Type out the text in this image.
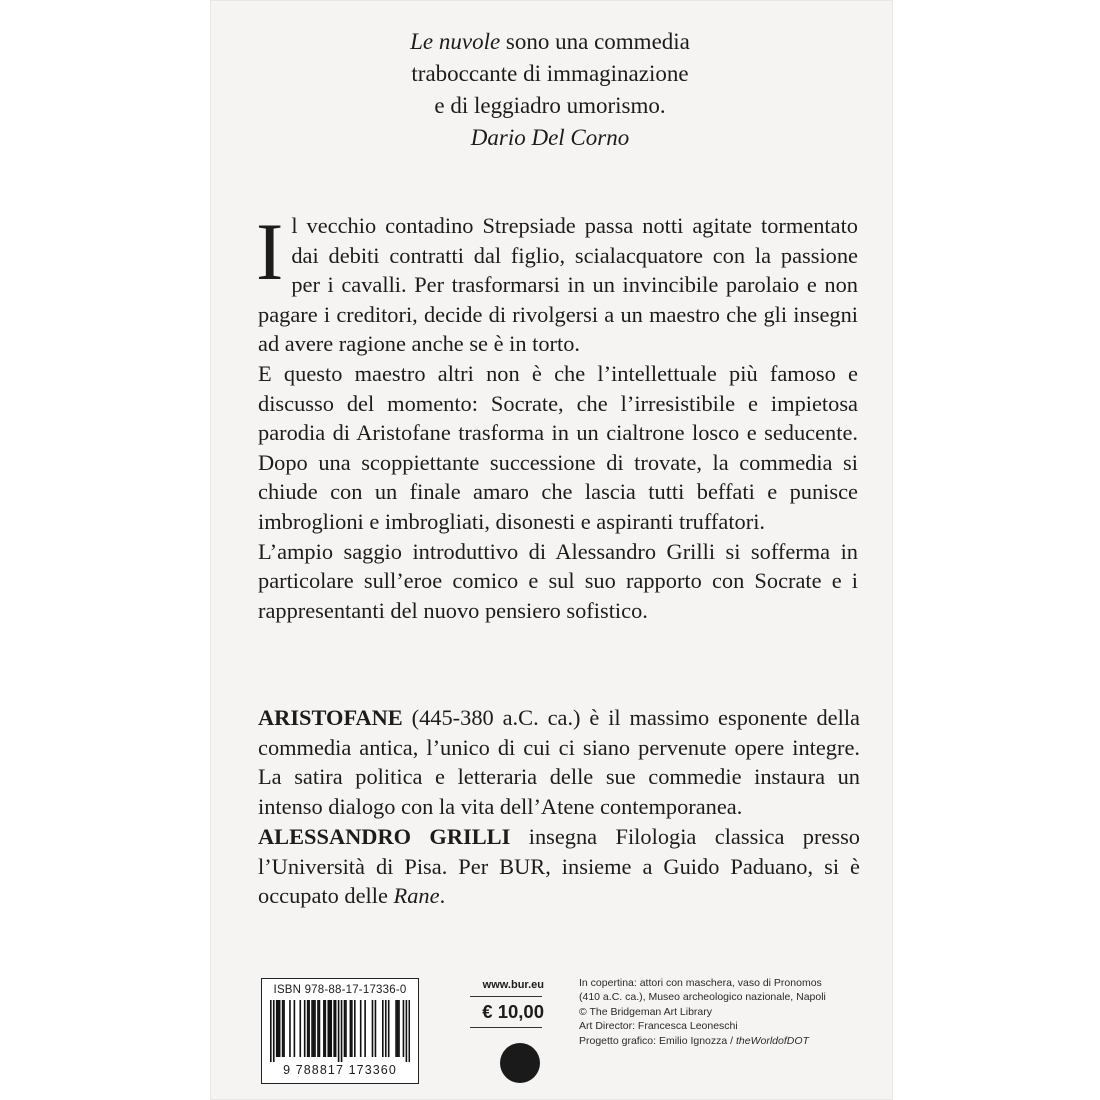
Le nuvole sono una commedia
traboccante di immaginazione
e di leggiadro umorismo.
Dario Del Corno

Il vecchio contadino Strepsiade passa notti agitate tormentato dai debiti contratti dal figlio, scialacquatore con la passione per i cavalli. Per trasformarsi in un invincibile parolaio e non pagare i creditori, decide di rivolgersi a un maestro che gli insegni ad avere ragione anche se è in torto.

E questo maestro altri non è che l’intellettuale più famoso e discusso del momento: Socrate, che l’irresistibile e impietosa parodia di Aristofane trasforma in un cialtrone losco e seducente. Dopo una scoppiettante successione di trovate, la commedia si chiude con un finale amaro che lascia tutti beffati e punisce imbroglioni e imbrogliati, disonesti e aspiranti truffatori.

L’ampio saggio introduttivo di Alessandro Grilli si sofferma in particolare sull’eroe comico e sul suo rapporto con Socrate e i rappresentanti del nuovo pensiero sofistico.

ARISTOFANE (445-380 a.C. ca.) è il massimo esponente della commedia antica, l’unico di cui ci siano pervenute opere integre. La satira politica e letteraria delle sue commedie instaura un intenso dialogo con la vita dell’Atene contemporanea.

ALESSANDRO GRILLI insegna Filologia classica presso l’Università di Pisa. Per BUR, insieme a Guido Paduano, si è occupato delle Rane.

ISBN 978-88-17-17336-0
9 788817 173360
www.bur.eu
€ 10,00
In copertina: attori con maschera, vaso di Pronomos
(410 a.C. ca.), Museo archeologico nazionale, Napoli
© The Bridgeman Art Library
Art Director: Francesca Leoneschi
Progetto grafico: Emilio Ignozza / theWorldofDOT
